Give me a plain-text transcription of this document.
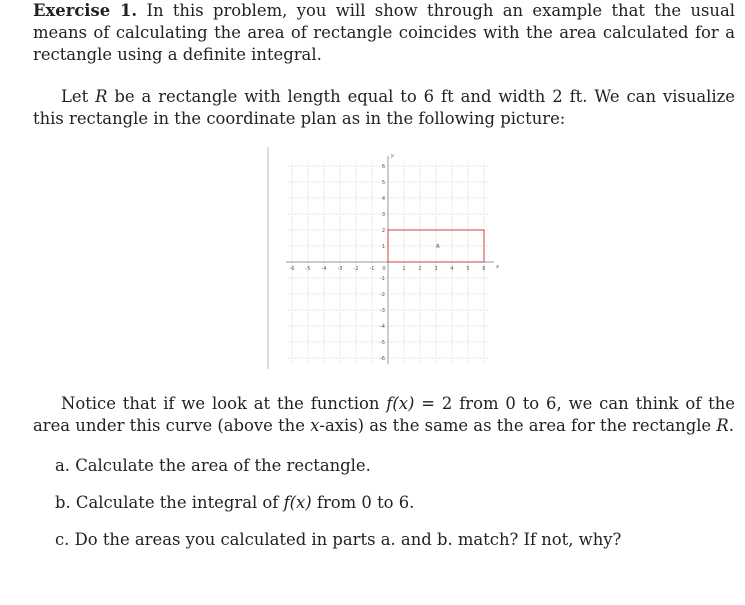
Exercise 1. In this problem, you will show through an example that the usual means of calculating the area of rectangle coincides with the area calculated for a rectangle using a definite integral.

Let R be a rectangle with length equal to 6 ft and width 2 ft. We can visualize this rectangle in the coordinate plan as in the following picture:

-6 -5 -4 -3 -2 -1 0	1	2	3	4	5	6
6
5
4
3
2
1
-1
-2
-3
-4
-5
-6
x
y
R

Notice that if we look at the function f(x) = 2 from 0 to 6, we can think of the area under this curve (above the x-axis) as the same as the area for the rectangle R.

a. Calculate the area of the rectangle.

b. Calculate the integral of f(x) from 0 to 6.

c. Do the areas you calculated in parts a. and b. match? If not, why?
